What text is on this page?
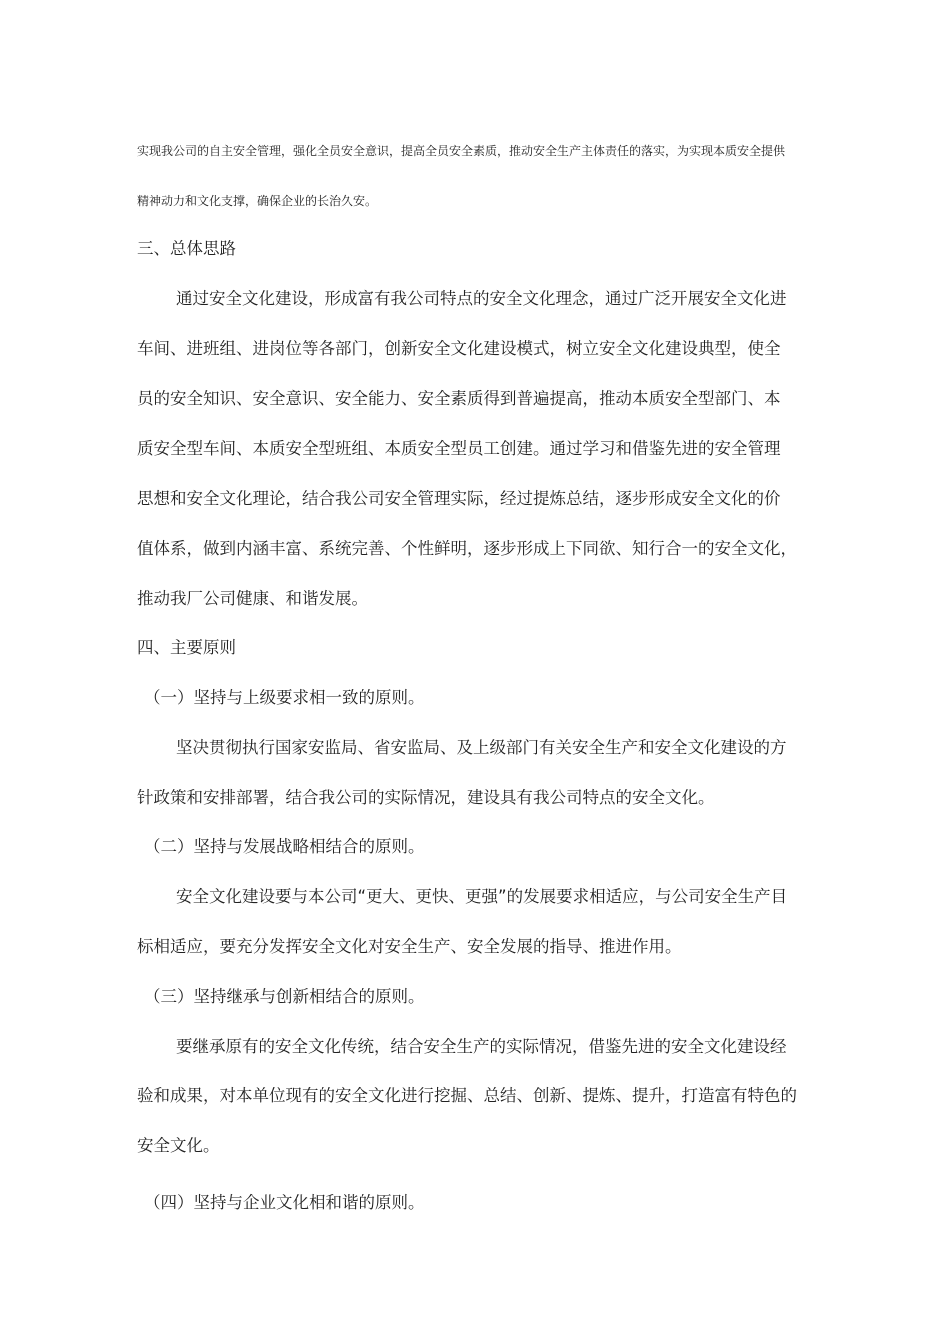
实现我公司的自主安全管理，强化全员安全意识，提高全员安全素质，推动安全生产主体责任的落实，为实现本质安全提供
精神动力和文化支撑，确保企业的长治久安。
三、总体思路
通过安全文化建设，形成富有我公司特点的安全文化理念，通过广泛开展安全文化进
车间、进班组、进岗位等各部门，创新安全文化建设模式，树立安全文化建设典型，使全
员的安全知识、安全意识、安全能力、安全素质得到普遍提高，推动本质安全型部门、本
质安全型车间、本质安全型班组、本质安全型员工创建。通过学习和借鉴先进的安全管理
思想和安全文化理论，结合我公司安全管理实际，经过提炼总结，逐步形成安全文化的价
值体系，做到内涵丰富、系统完善、个性鲜明，逐步形成上下同欲、知行合一的安全文化，
推动我厂公司健康、和谐发展。
四、主要原则
（一）坚持与上级要求相一致的原则。
坚决贯彻执行国家安监局、省安监局、及上级部门有关安全生产和安全文化建设的方
针政策和安排部署，结合我公司的实际情况，建设具有我公司特点的安全文化。
（二）坚持与发展战略相结合的原则。
安全文化建设要与本公司“更大、更快、更强”的发展要求相适应，与公司安全生产目
标相适应，要充分发挥安全文化对安全生产、安全发展的指导、推进作用。
（三）坚持继承与创新相结合的原则。
要继承原有的安全文化传统，结合安全生产的实际情况，借鉴先进的安全文化建设经
验和成果，对本单位现有的安全文化进行挖掘、总结、创新、提炼、提升，打造富有特色的
安全文化。
（四）坚持与企业文化相和谐的原则。
